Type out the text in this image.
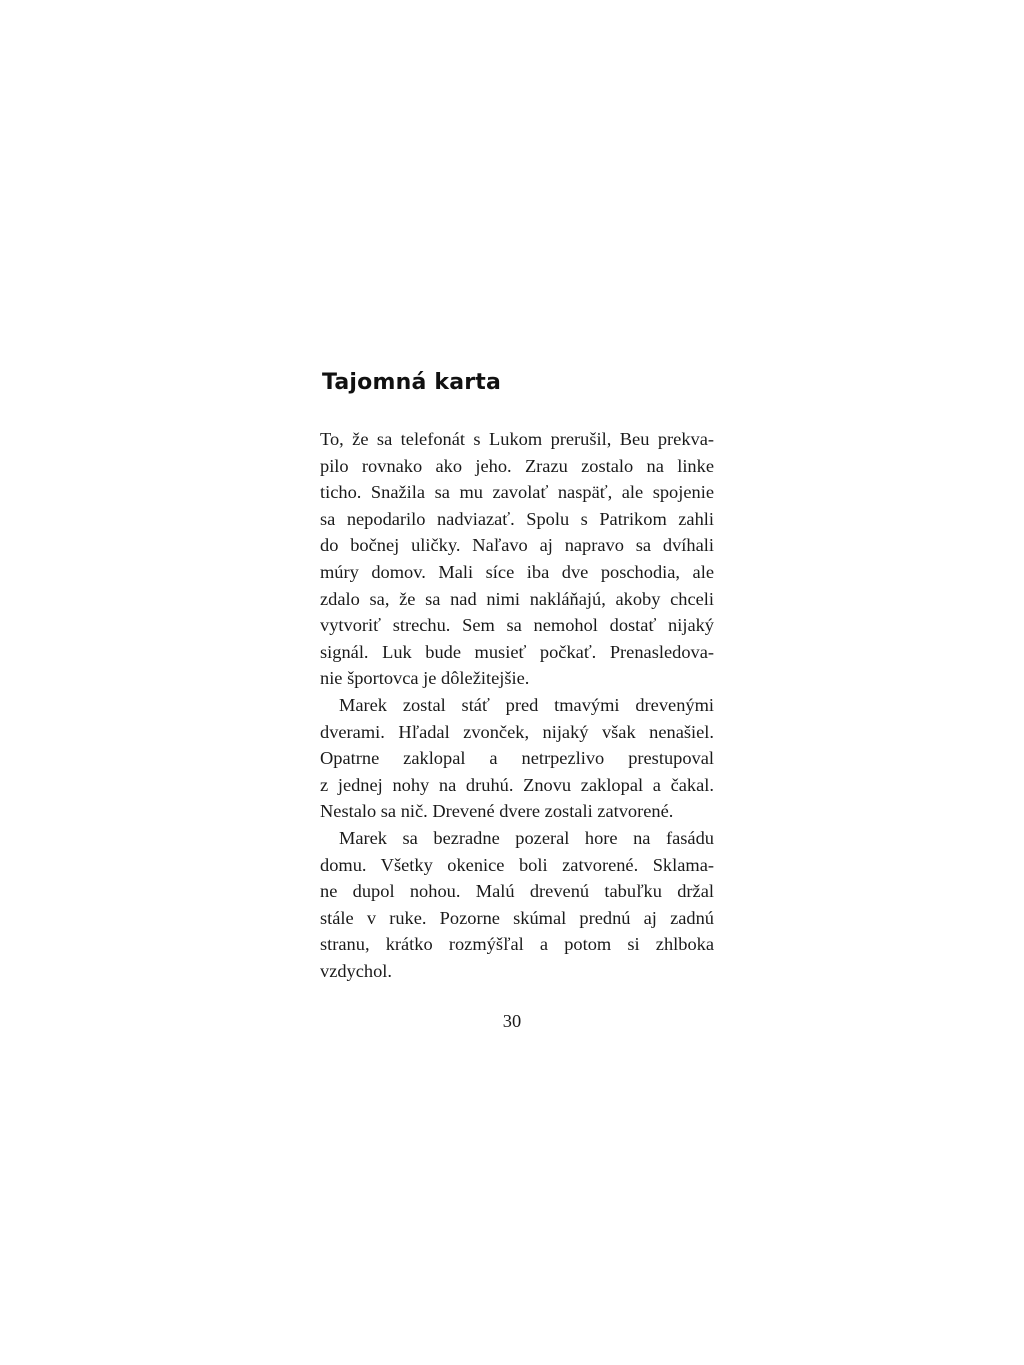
Tajomná karta
To, že sa telefonát s Lukom prerušil, Beu prekva-
pilo rovnako ako jeho. Zrazu zostalo na linke
ticho. Snažila sa mu zavolať naspäť, ale spojenie
sa nepodarilo nadviazať. Spolu s Patrikom zahli
do bočnej uličky. Naľavo aj napravo sa dvíhali
múry domov. Mali síce iba dve poschodia, ale
zdalo sa, že sa nad nimi nakláňajú, akoby chceli
vytvoriť strechu. Sem sa nemohol dostať nijaký
signál. Luk bude musieť počkať. Prenasledova-
nie športovca je dôležitejšie.
Marek zostal stáť pred tmavými drevenými
dverami. Hľadal zvonček, nijaký však nenašiel.
Opatrne zaklopal a netrpezlivo prestupoval
z jednej nohy na druhú. Znovu zaklopal a čakal.
Nestalo sa nič. Drevené dvere zostali zatvorené.
Marek sa bezradne pozeral hore na fasádu
domu. Všetky okenice boli zatvorené. Sklama-
ne dupol nohou. Malú drevenú tabuľku držal
stále v ruke. Pozorne skúmal prednú aj zadnú
stranu, krátko rozmýšľal a potom si zhlboka
vzdychol.
30
